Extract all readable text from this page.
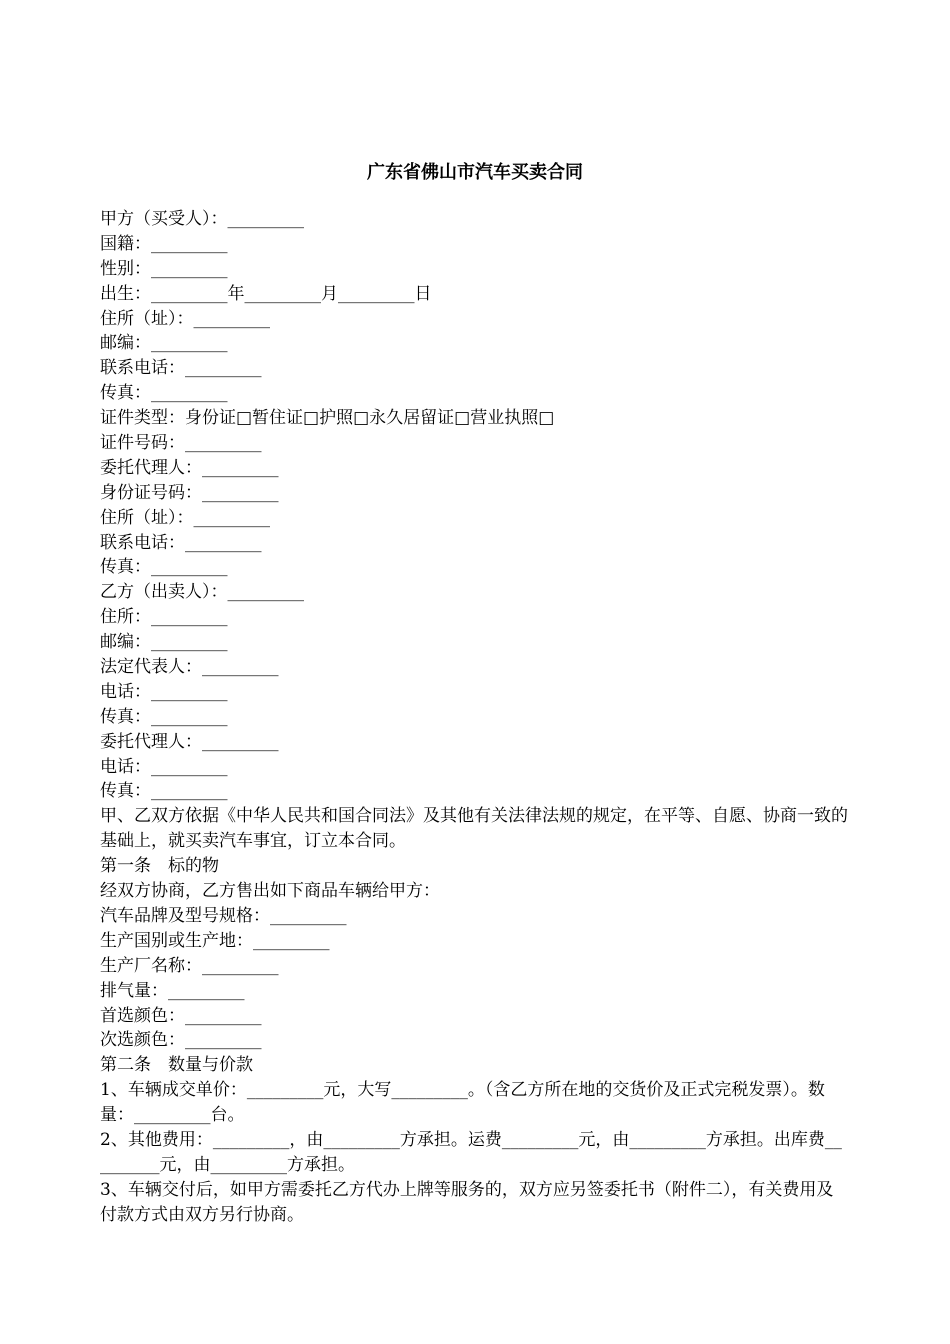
广东省佛山市汽车买卖合同
甲方（买受人）：_________
国籍：_________
性别：_________
出生：_________年_________月_________日
住所（址）：_________
邮编：_________
联系电话：_________
传真：_________
证件类型：身份证□暂住证□护照□永久居留证□营业执照□
证件号码：_________
委托代理人：_________
身份证号码：_________
住所（址）：_________
联系电话：_________
传真：_________
乙方（出卖人）：_________
住所：_________
邮编：_________
法定代表人：_________
电话：_________
传真：_________
委托代理人：_________
电话：_________
传真：_________
甲、乙双方依据《中华人民共和国合同法》及其他有关法律法规的规定，在平等、自愿、协商一致的基础上，就买卖汽车事宜，订立本合同。
第一条　标的物
经双方协商，乙方售出如下商品车辆给甲方：
汽车品牌及型号规格：_________
生产国别或生产地：_________
生产厂名称：_________
排气量：_________
首选颜色：_________
次选颜色：_________
第二条　数量与价款
1、车辆成交单价：_________元，大写_________。（含乙方所在地的交货价及正式完税发票）。数量：_________台。
2、其他费用：_________，由_________方承担。运费_________元，由_________方承担。出库费_________元，由_________方承担。
3、车辆交付后，如甲方需委托乙方代办上牌等服务的，双方应另签委托书（附件二），有关费用及付款方式由双方另行协商。
